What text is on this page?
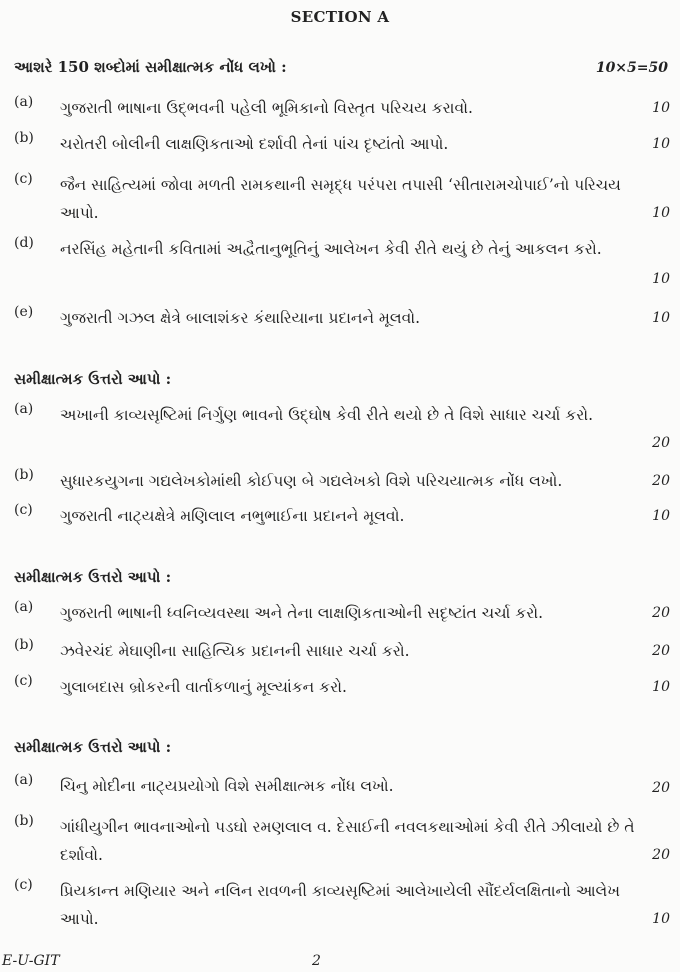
SECTION A
આશરે 150 શબ્દોમાં સમીક્ષાત્મક નોંધ લખો :	10×5=50
(a) ગુજરાતી ભાષાના ઉદ્ભવની પહેલી ભૂમિકાનો વિસ્તૃત પરિચય કરાવો.	10
(b) ચરોતરી બોલીની લાક્ષણિકતાઓ દર્શાવી તેનાં પાંચ દૃષ્ટાંતો આપો.	10
(c) જૈન સાહિત્યમાં જોવા મળતી રામકથાની સમૃદ્ધ પરંપરા તપાસી ‘સીતારામચોપાઈ’નો પરિચય આપો.	10
(d) નરસિંહ મહેતાની કવિતામાં અદ્વૈતાનુભૂતિનું આલેખન કેવી રીતે થયું છે તેનું આકલન કરો.
10
(e) ગુજરાતી ગઝલ ક્ષેત્રે બાલાશંકર કંથારિયાના પ્રદાનને મૂલવો.	10
સમીક્ષાત્મક ઉત્તરો આપો :
(a) અખાની કાવ્યસૃષ્ટિમાં નિર્ગુણ ભાવનો ઉદ્ઘોષ કેવી રીતે થયો છે તે વિશે સાધાર ચર્ચા કરો.
20
(b) સુધારકયુગના ગદ્યલેખકોમાંથી કોઈપણ બે ગદ્યલેખકો વિશે પરિચયાત્મક નોંધ લખો.	20
(c) ગુજરાતી નાટ્યક્ષેત્રે મણિલાલ નભુભાઈના પ્રદાનને મૂલવો.	10
સમીક્ષાત્મક ઉત્તરો આપો :
(a) ગુજરાતી ભાષાની ધ્વનિવ્યવસ્થા અને તેના લાક્ષણિકતાઓની સદૃષ્ટાંત ચર્ચા કરો.	20
(b) ઝવેરચંદ મેઘાણીના સાહિત્યિક પ્રદાનની સાધાર ચર્ચા કરો.	20
(c) ગુલાબદાસ બ્રોકરની વાર્તાકળાનું મૂલ્યાંકન કરો.	10
સમીક્ષાત્મક ઉત્તરો આપો :
(a) ચિનુ મોદીના નાટ્યપ્રયોગો વિશે સમીક્ષાત્મક નોંધ લખો.	20
(b) ગાંધીયુગીન ભાવનાઓનો પડઘો રમણલાલ વ. દેસાઈની નવલકથાઓમાં કેવી રીતે ઝીલાયો છે તે દર્શાવો.	20
(c) પ્રિયકાન્ત મણિયાર અને નલિન રાવળની કાવ્યસૃષ્ટિમાં આલેખાયેલી સૌંદર્યલક્ષિતાનો આલેખ આપો.	10
E-U-GIT	2
